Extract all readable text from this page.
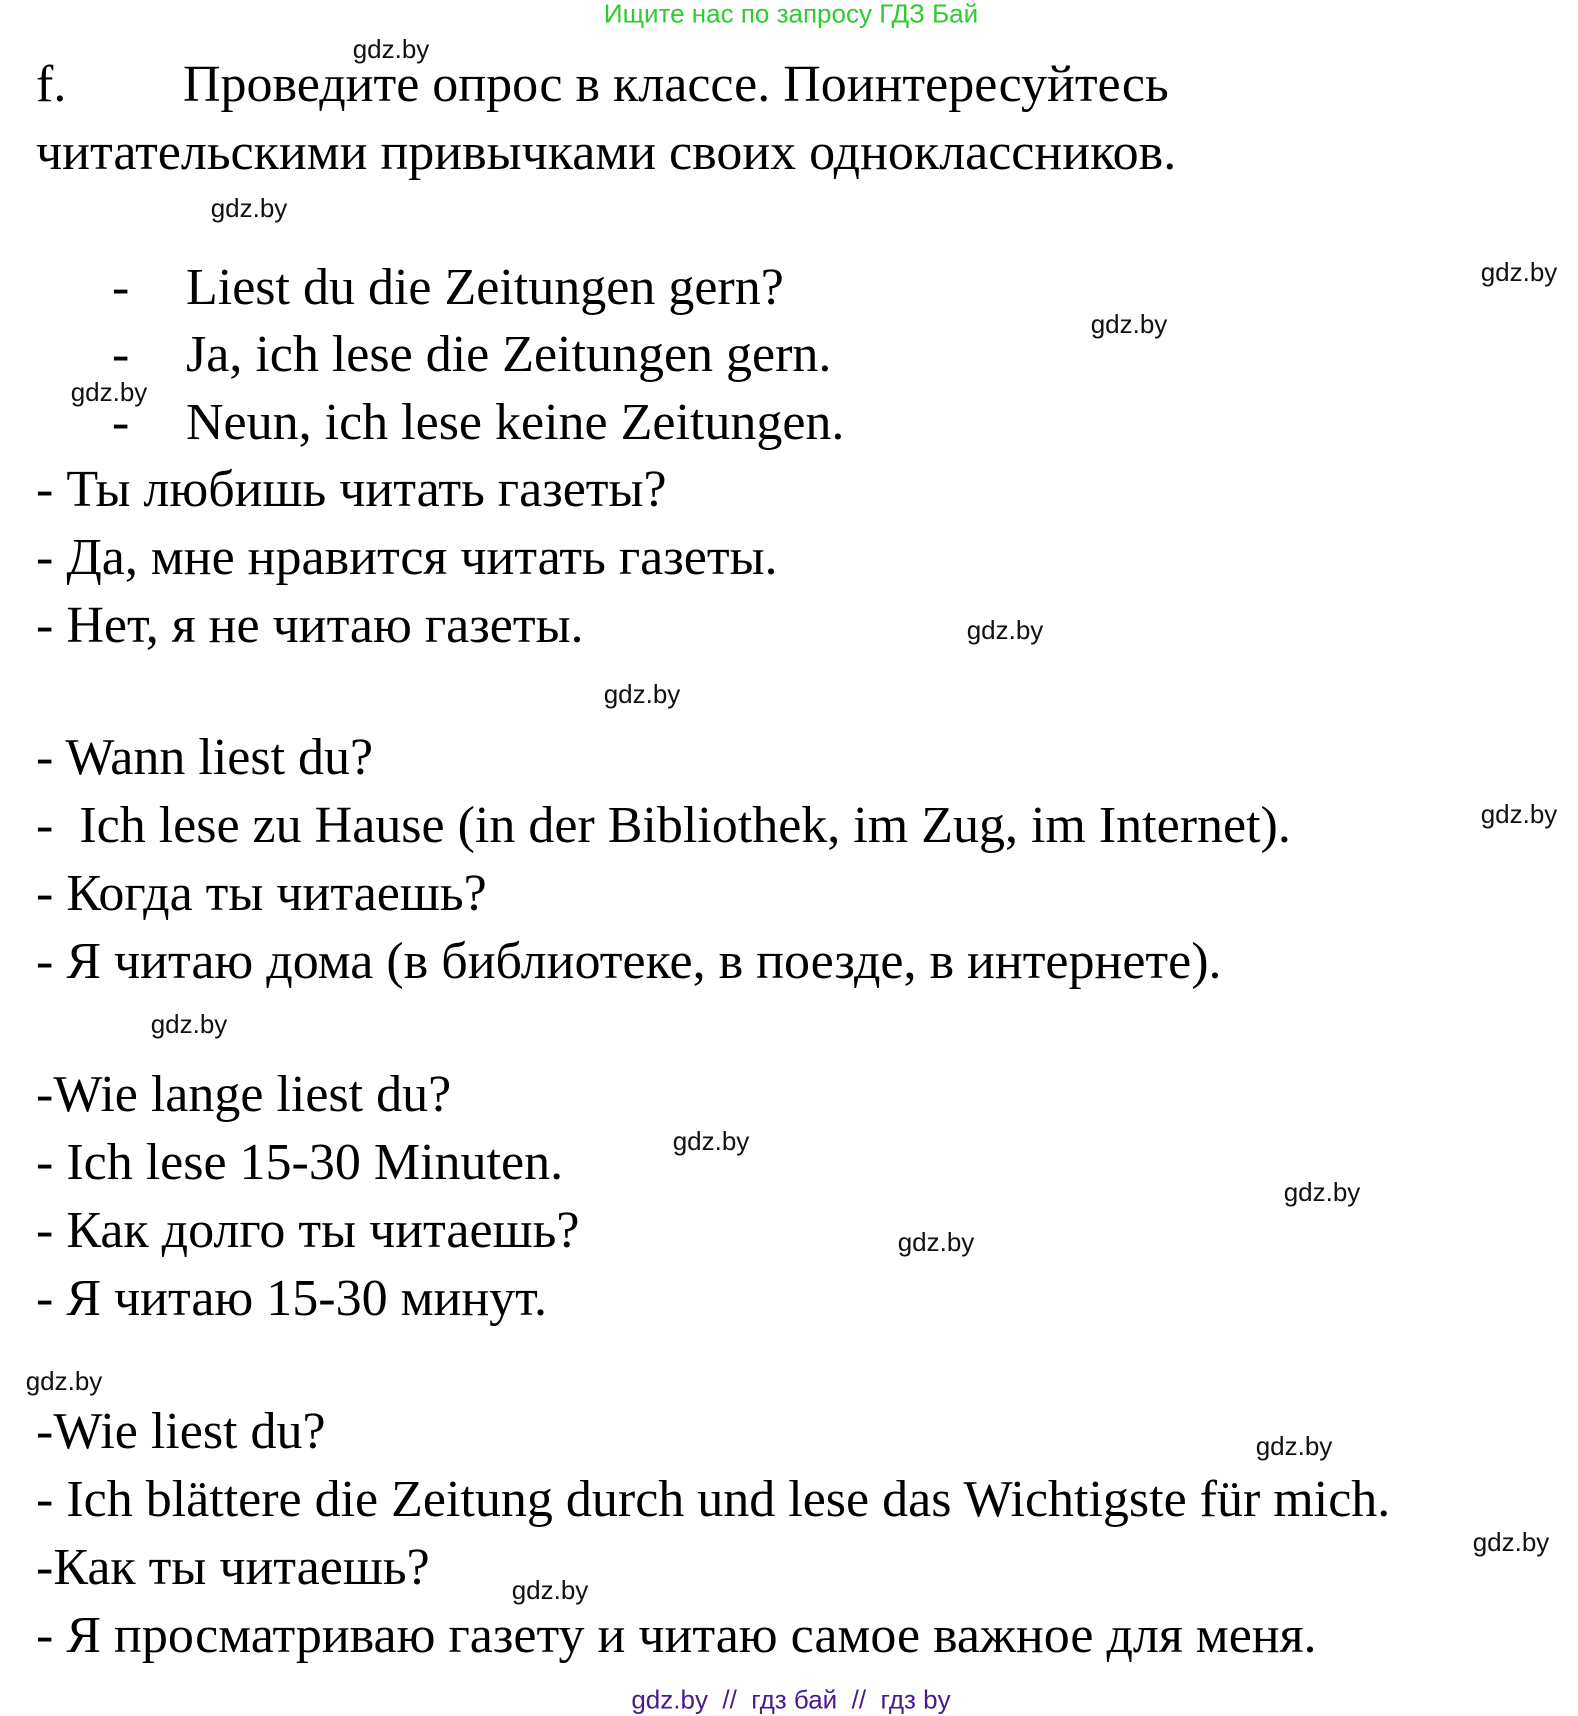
Ищите нас по запросу ГДЗ Бай
f. Проведите опрос в классе. Поинтересуйтесь
читательскими привычками своих одноклассников.
- Liest du die Zeitungen gern?
- Ja, ich lese die Zeitungen gern.
- Neun, ich lese keine Zeitungen.
- Ты любишь читать газеты?
- Да, мне нравится читать газеты.
- Нет, я не читаю газеты.
- Wann liest du?
-  Ich lese zu Hause (in der Bibliothek, im Zug, im Internet).
- Когда ты читаешь?
- Я читаю дома (в библиотеке, в поезде, в интернете).
-Wie lange liest du?
- Ich lese 15-30 Minuten.
- Как долго ты читаешь?
- Я читаю 15-30 минут.
-Wie liest du?
- Ich blättere die Zeitung durch und lese das Wichtigste für mich.
-Как ты читаешь?
- Я просматриваю газету и читаю самое важное для меня.
gdz.by
gdz.by
gdz.by
gdz.by
gdz.by
gdz.by
gdz.by
gdz.by
gdz.by
gdz.by
gdz.by
gdz.by
gdz.by
gdz.by
gdz.by
gdz.by
gdz.by  //  гдз бай  //  гдз by
